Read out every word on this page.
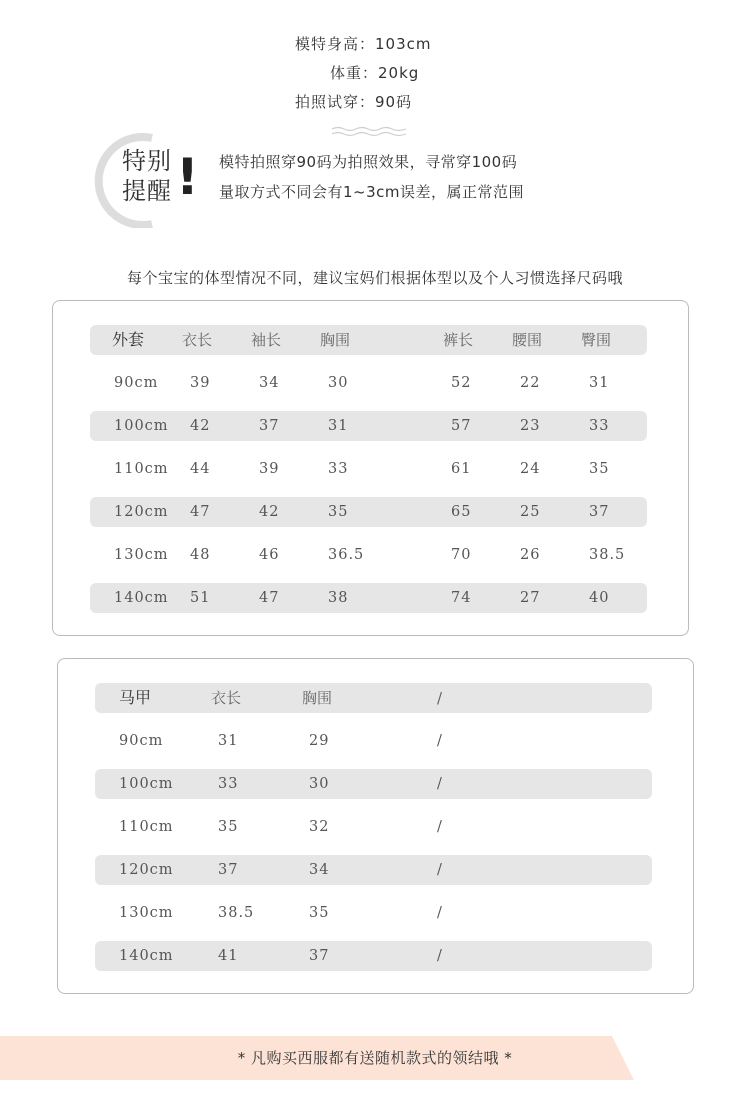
模特身高：103cm
体重：20kg
拍照试穿：90码
特别
提醒 ! 模特拍照穿90码为拍照效果，寻常穿100码
量取方式不同会有1~3cm误差，属正常范围
每个宝宝的体型情况不同，建议宝妈们根据体型以及个人习惯选择尺码哦
外套	衣长	袖长	胸围	裤长	腰围	臀围
90cm 39	34	30	52	22	31
100cm 42	37	31	57	23	33
110cm 44	39	33	61	24	35
120cm 47	42	35	65	25	37
130cm 48	46	36.5	70	26	38.5
140cm 51	47	38	74	27	40
马甲	衣长	胸围	/
90cm	31	29	/
100cm	33	30	/
110cm	35	32	/
120cm	37	34	/
130cm	38.5	35	/
140cm	41	37	/
* 凡购买西服都有送随机款式的领结哦 *
